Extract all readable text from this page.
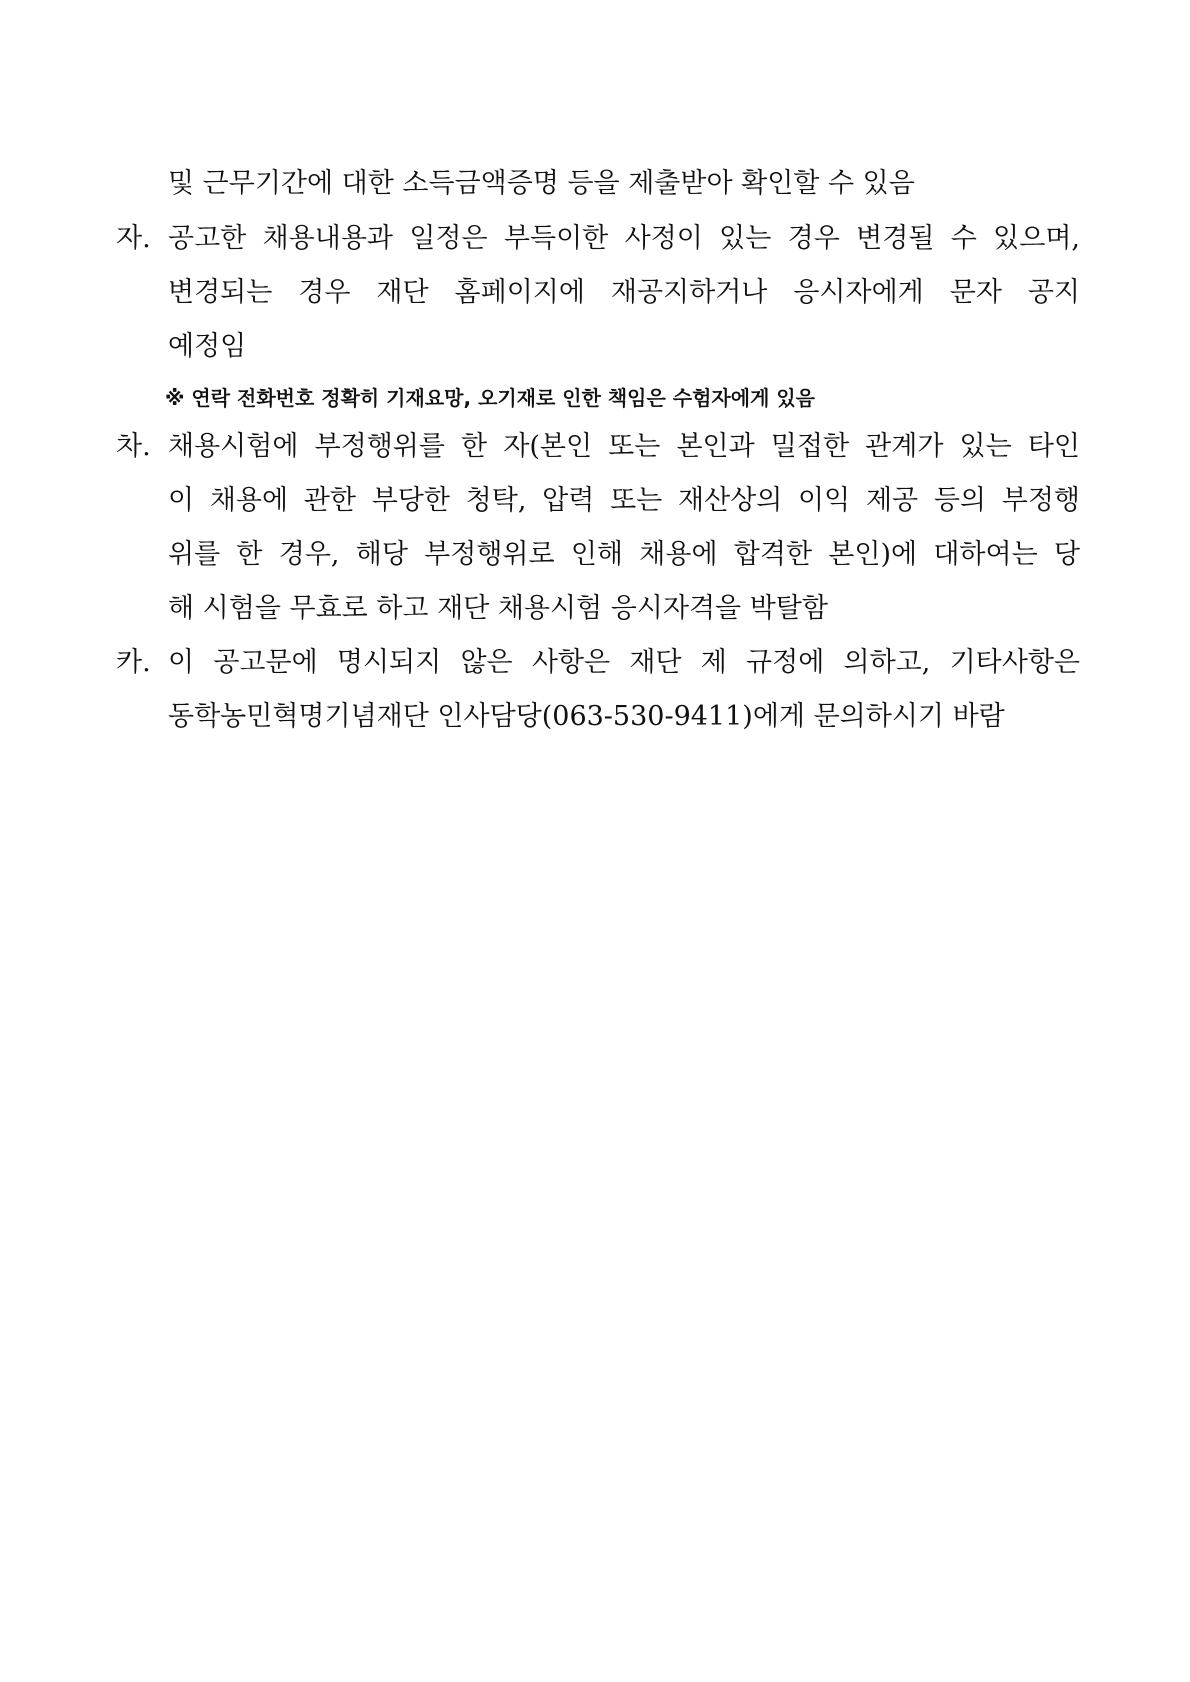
및 근무기간에 대한 소득금액증명 등을 제출받아 확인할 수 있음
자. 공고한 채용내용과 일정은 부득이한 사정이 있는 경우 변경될 수 있으며,
변경되는 경우 재단 홈페이지에 재공지하거나 응시자에게 문자 공지
예정임
※ 연락 전화번호 정확히 기재요망, 오기재로 인한 책임은 수험자에게 있음
차. 채용시험에 부정행위를 한 자(본인 또는 본인과 밀접한 관계가 있는 타인
이 채용에 관한 부당한 청탁, 압력 또는 재산상의 이익 제공 등의 부정행
위를 한 경우, 해당 부정행위로 인해 채용에 합격한 본인)에 대하여는 당
해 시험을 무효로 하고 재단 채용시험 응시자격을 박탈함
카. 이 공고문에 명시되지 않은 사항은 재단 제 규정에 의하고, 기타사항은
동학농민혁명기념재단 인사담당(063-530-9411)에게 문의하시기 바람
